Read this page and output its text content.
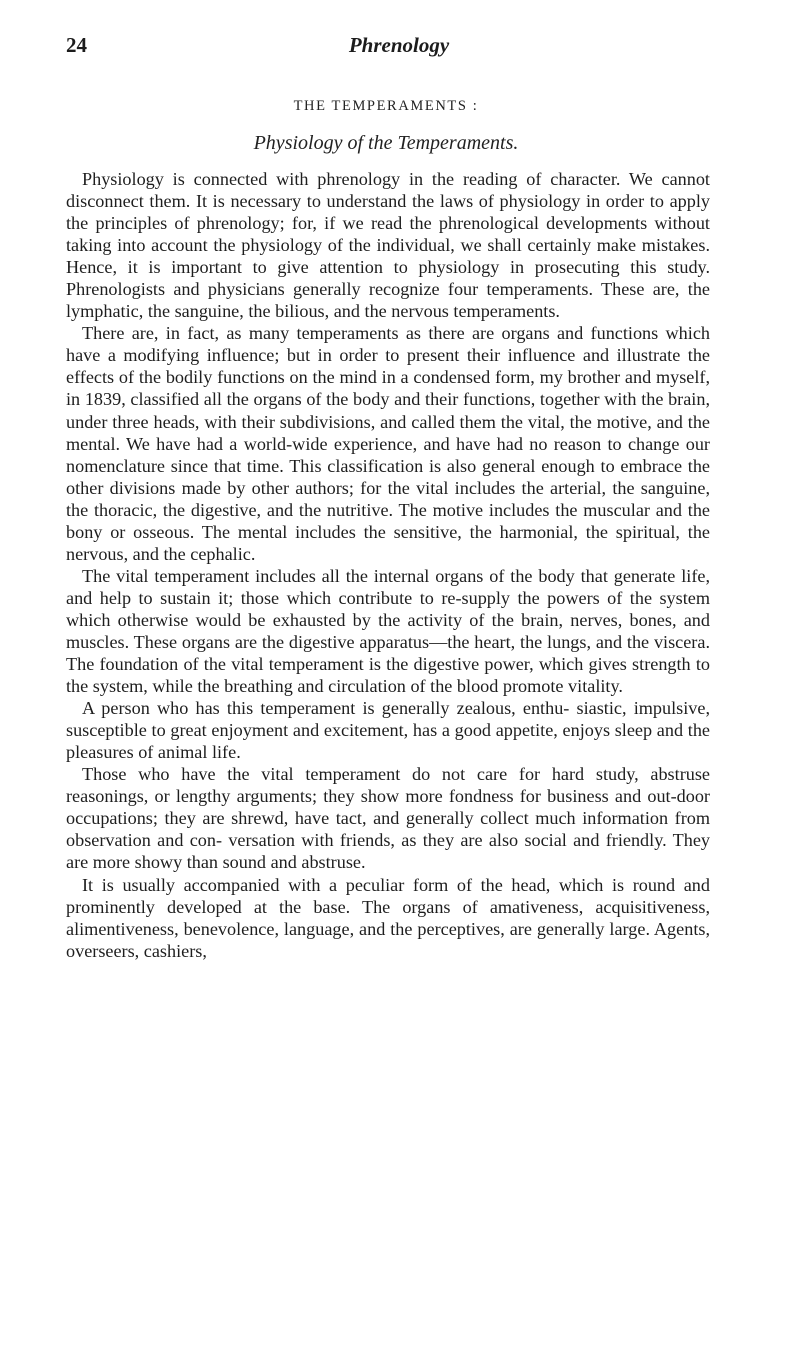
24	Phrenology
THE TEMPERAMENTS :
Physiology of the Temperaments.

Physiology is connected with phrenology in the reading of character. We cannot disconnect them. It is necessary to understand the laws of physiology in order to apply the principles of phrenology; for, if we read the phrenological developments without taking into account the physiology of the individual, we shall certainly make mistakes. Hence, it is important to give attention to physiology in prosecuting this study. Phrenologists and physicians generally recognize four temperaments. These are, the lymphatic, the sanguine, the bilious, and the nervous temperaments.

There are, in fact, as many temperaments as there are organs and functions which have a modifying influence; but in order to present their influence and illustrate the effects of the bodily functions on the mind in a condensed form, my brother and myself, in 1839, classified all the organs of the body and their functions, together with the brain, under three heads, with their subdivisions, and called them the vital, the motive, and the mental. We have had a world-wide experience, and have had no reason to change our nomenclature since that time. This classification is also general enough to embrace the other divisions made by other authors; for the vital includes the arterial, the sanguine, the thoracic, the digestive, and the nutritive. The motive includes the muscular and the bony or osseous. The mental includes the sensitive, the harmonial, the spiritual, the nervous, and the cephalic.

The vital temperament includes all the internal organs of the body that generate life, and help to sustain it; those which contribute to re-supply the powers of the system which otherwise would be exhausted by the activity of the brain, nerves, bones, and muscles. These organs are the digestive apparatus—the heart, the lungs, and the viscera. The foundation of the vital temperament is the digestive power, which gives strength to the system, while the breathing and circulation of the blood promote vitality.

A person who has this temperament is generally zealous, enthu- siastic, impulsive, susceptible to great enjoyment and excitement, has a good appetite, enjoys sleep and the pleasures of animal life.

Those who have the vital temperament do not care for hard study, abstruse reasonings, or lengthy arguments; they show more fondness for business and out-door occupations; they are shrewd, have tact, and generally collect much information from observation and con- versation with friends, as they are also social and friendly. They are more showy than sound and abstruse.

It is usually accompanied with a peculiar form of the head, which is round and prominently developed at the base. The organs of amativeness, acquisitiveness, alimentiveness, benevolence, language, and the perceptives, are generally large. Agents, overseers, cashiers,
